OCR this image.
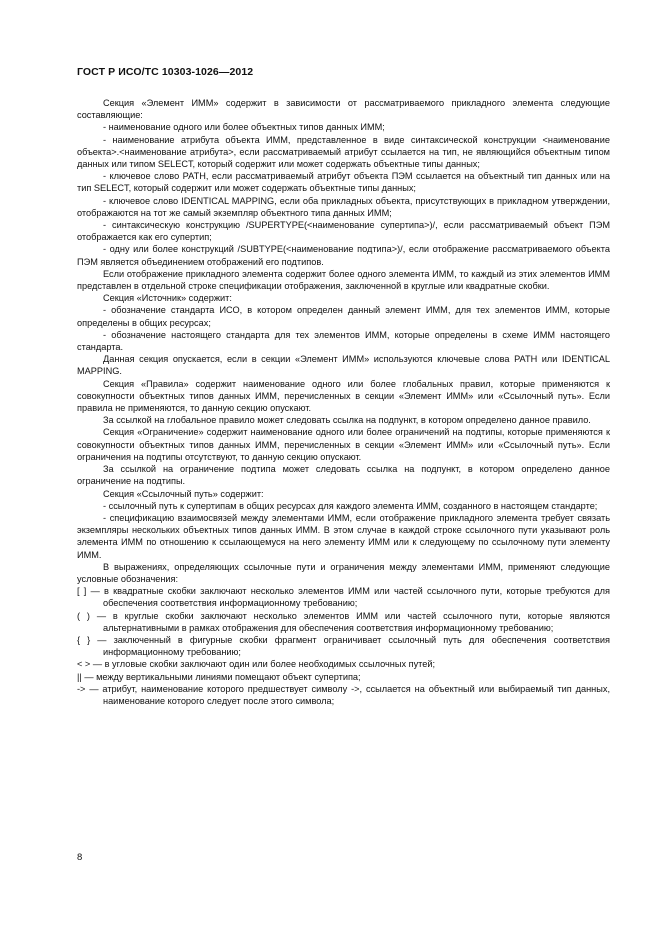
ГОСТ Р ИСО/ТС 10303-1026—2012

Секция «Элемент ИММ» содержит в зависимости от рассматриваемого прикладного элемента следующие составляющие:

- наименование одного или более объектных типов данных ИММ;

- наименование атрибута объекта ИММ, представленное в виде синтаксической конструкции <наименование объекта>.<наименование атрибута>, если рассматриваемый атрибут ссылается на тип, не являющийся объектным типом данных или типом SELECT, который содержит или может содержать объектные типы данных;

- ключевое слово PATH, если рассматриваемый атрибут объекта ПЭМ ссылается на объектный тип данных или на тип SELECT, который содержит или может содержать объектные типы данных;

- ключевое слово IDENTICAL MAPPING, если оба прикладных объекта, присутствующих в прикладном утверждении, отображаются на тот же самый экземпляр объектного типа данных ИММ;

- синтаксическую конструкцию /SUPERTYPE(<наименование супертипа>)/, если рассматриваемый объект ПЭМ отображается как его супертип;

- одну или более конструкций /SUBTYPE(<наименование подтипа>)/, если отображение рассматриваемого объекта ПЭМ является объединением отображений его подтипов.

Если отображение прикладного элемента содержит более одного элемента ИММ, то каждый из этих элементов ИММ представлен в отдельной строке спецификации отображения, заключенной в круглые или квадратные скобки.

Секция «Источник» содержит:

- обозначение стандарта ИСО, в котором определен данный элемент ИММ, для тех элементов ИММ, которые определены в общих ресурсах;

- обозначение настоящего стандарта для тех элементов ИММ, которые определены в схеме ИММ настоящего стандарта.

Данная секция опускается, если в секции «Элемент ИММ» используются ключевые слова PATH или IDENTICAL MAPPING.

Секция «Правила» содержит наименование одного или более глобальных правил, которые применяются к совокупности объектных типов данных ИММ, перечисленных в секции «Элемент ИММ» или «Ссылочный путь». Если правила не применяются, то данную секцию опускают.

За ссылкой на глобальное правило может следовать ссылка на подпункт, в котором определено данное правило.

Секция «Ограничение» содержит наименование одного или более ограничений на подтипы, которые применяются к совокупности объектных типов данных ИММ, перечисленных в секции «Элемент ИММ» или «Ссылочный путь». Если ограничения на подтипы отсутствуют, то данную секцию опускают.

За ссылкой на ограничение подтипа может следовать ссылка на подпункт, в котором определено данное ограничение на подтипы.

Секция «Ссылочный путь» содержит:

- ссылочный путь к супертипам в общих ресурсах для каждого элемента ИММ, созданного в настоящем стандарте;

- спецификацию взаимосвязей между элементами ИММ, если отображение прикладного элемента требует связать экземпляры нескольких объектных типов данных ИММ. В этом случае в каждой строке ссылочного пути указывают роль элемента ИММ по отношению к ссылающемуся на него элементу ИММ или к следующему по ссылочному пути элементу ИММ.

В выражениях, определяющих ссылочные пути и ограничения между элементами ИММ, применяют следующие условные обозначения:

[ ] — в квадратные скобки заключают несколько элементов ИММ или частей ссылочного пути, которые требуются для обеспечения соответствия информационному требованию;

( ) — в круглые скобки заключают несколько элементов ИММ или частей ссылочного пути, которые являются альтернативными в рамках отображения для обеспечения соответствия информационному требованию;

{ } — заключенный в фигурные скобки фрагмент ограничивает ссылочный путь для обеспечения соответствия информационному требованию;

< > — в угловые скобки заключают один или более необходимых ссылочных путей;

|| — между вертикальными линиями помещают объект супертипа;

-> — атрибут, наименование которого предшествует символу ->, ссылается на объектный или выбираемый тип данных, наименование которого следует после этого символа;

8
